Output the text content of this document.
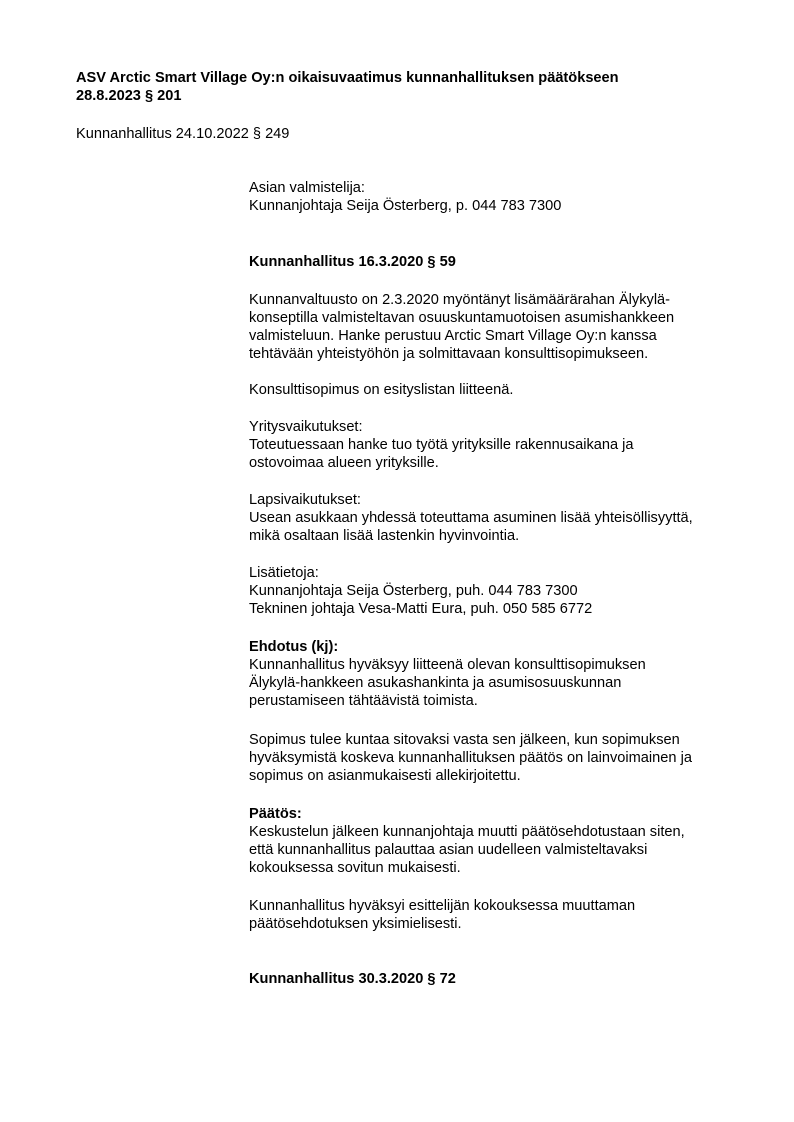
ASV Arctic Smart Village Oy:n oikaisuvaatimus kunnanhallituksen päätökseen
28.8.2023 § 201
Kunnanhallitus 24.10.2022 § 249
Asian valmistelija:
Kunnanjohtaja Seija Österberg, p. 044 783 7300
Kunnanhallitus 16.3.2020 § 59
Kunnanvaltuusto on 2.3.2020 myöntänyt lisämäärärahan Älykylä-
konseptilla valmisteltavan osuuskuntamuotoisen asumishankkeen
valmisteluun. Hanke perustuu Arctic Smart Village Oy:n kanssa
tehtävään yhteistyöhön ja solmittavaan konsulttisopimukseen.
Konsulttisopimus on esityslistan liitteenä.
Yritysvaikutukset:
Toteutuessaan hanke tuo työtä yrityksille rakennusaikana ja
ostovoimaa alueen yrityksille.
Lapsivaikutukset:
Usean asukkaan yhdessä toteuttama asuminen lisää yhteisöllisyyttä,
mikä osaltaan lisää lastenkin hyvinvointia.
Lisätietoja:
Kunnanjohtaja Seija Österberg, puh. 044 783 7300
Tekninen johtaja Vesa-Matti Eura, puh. 050 585 6772
Ehdotus (kj):
Kunnanhallitus hyväksyy liitteenä olevan konsulttisopimuksen
Älykylä-hankkeen asukashankinta ja asumisosuuskunnan
perustamiseen tähtäävistä toimista.
Sopimus tulee kuntaa sitovaksi vasta sen jälkeen, kun sopimuksen
hyväksymistä koskeva kunnanhallituksen päätös on lainvoimainen ja
sopimus on asianmukaisesti allekirjoitettu.
Päätös:
Keskustelun jälkeen kunnanjohtaja muutti päätösehdotustaan siten,
että kunnanhallitus palauttaa asian uudelleen valmisteltavaksi
kokouksessa sovitun mukaisesti.
Kunnanhallitus hyväksyi esittelijän kokouksessa muuttaman
päätösehdotuksen yksimielisesti.
Kunnanhallitus 30.3.2020 § 72
